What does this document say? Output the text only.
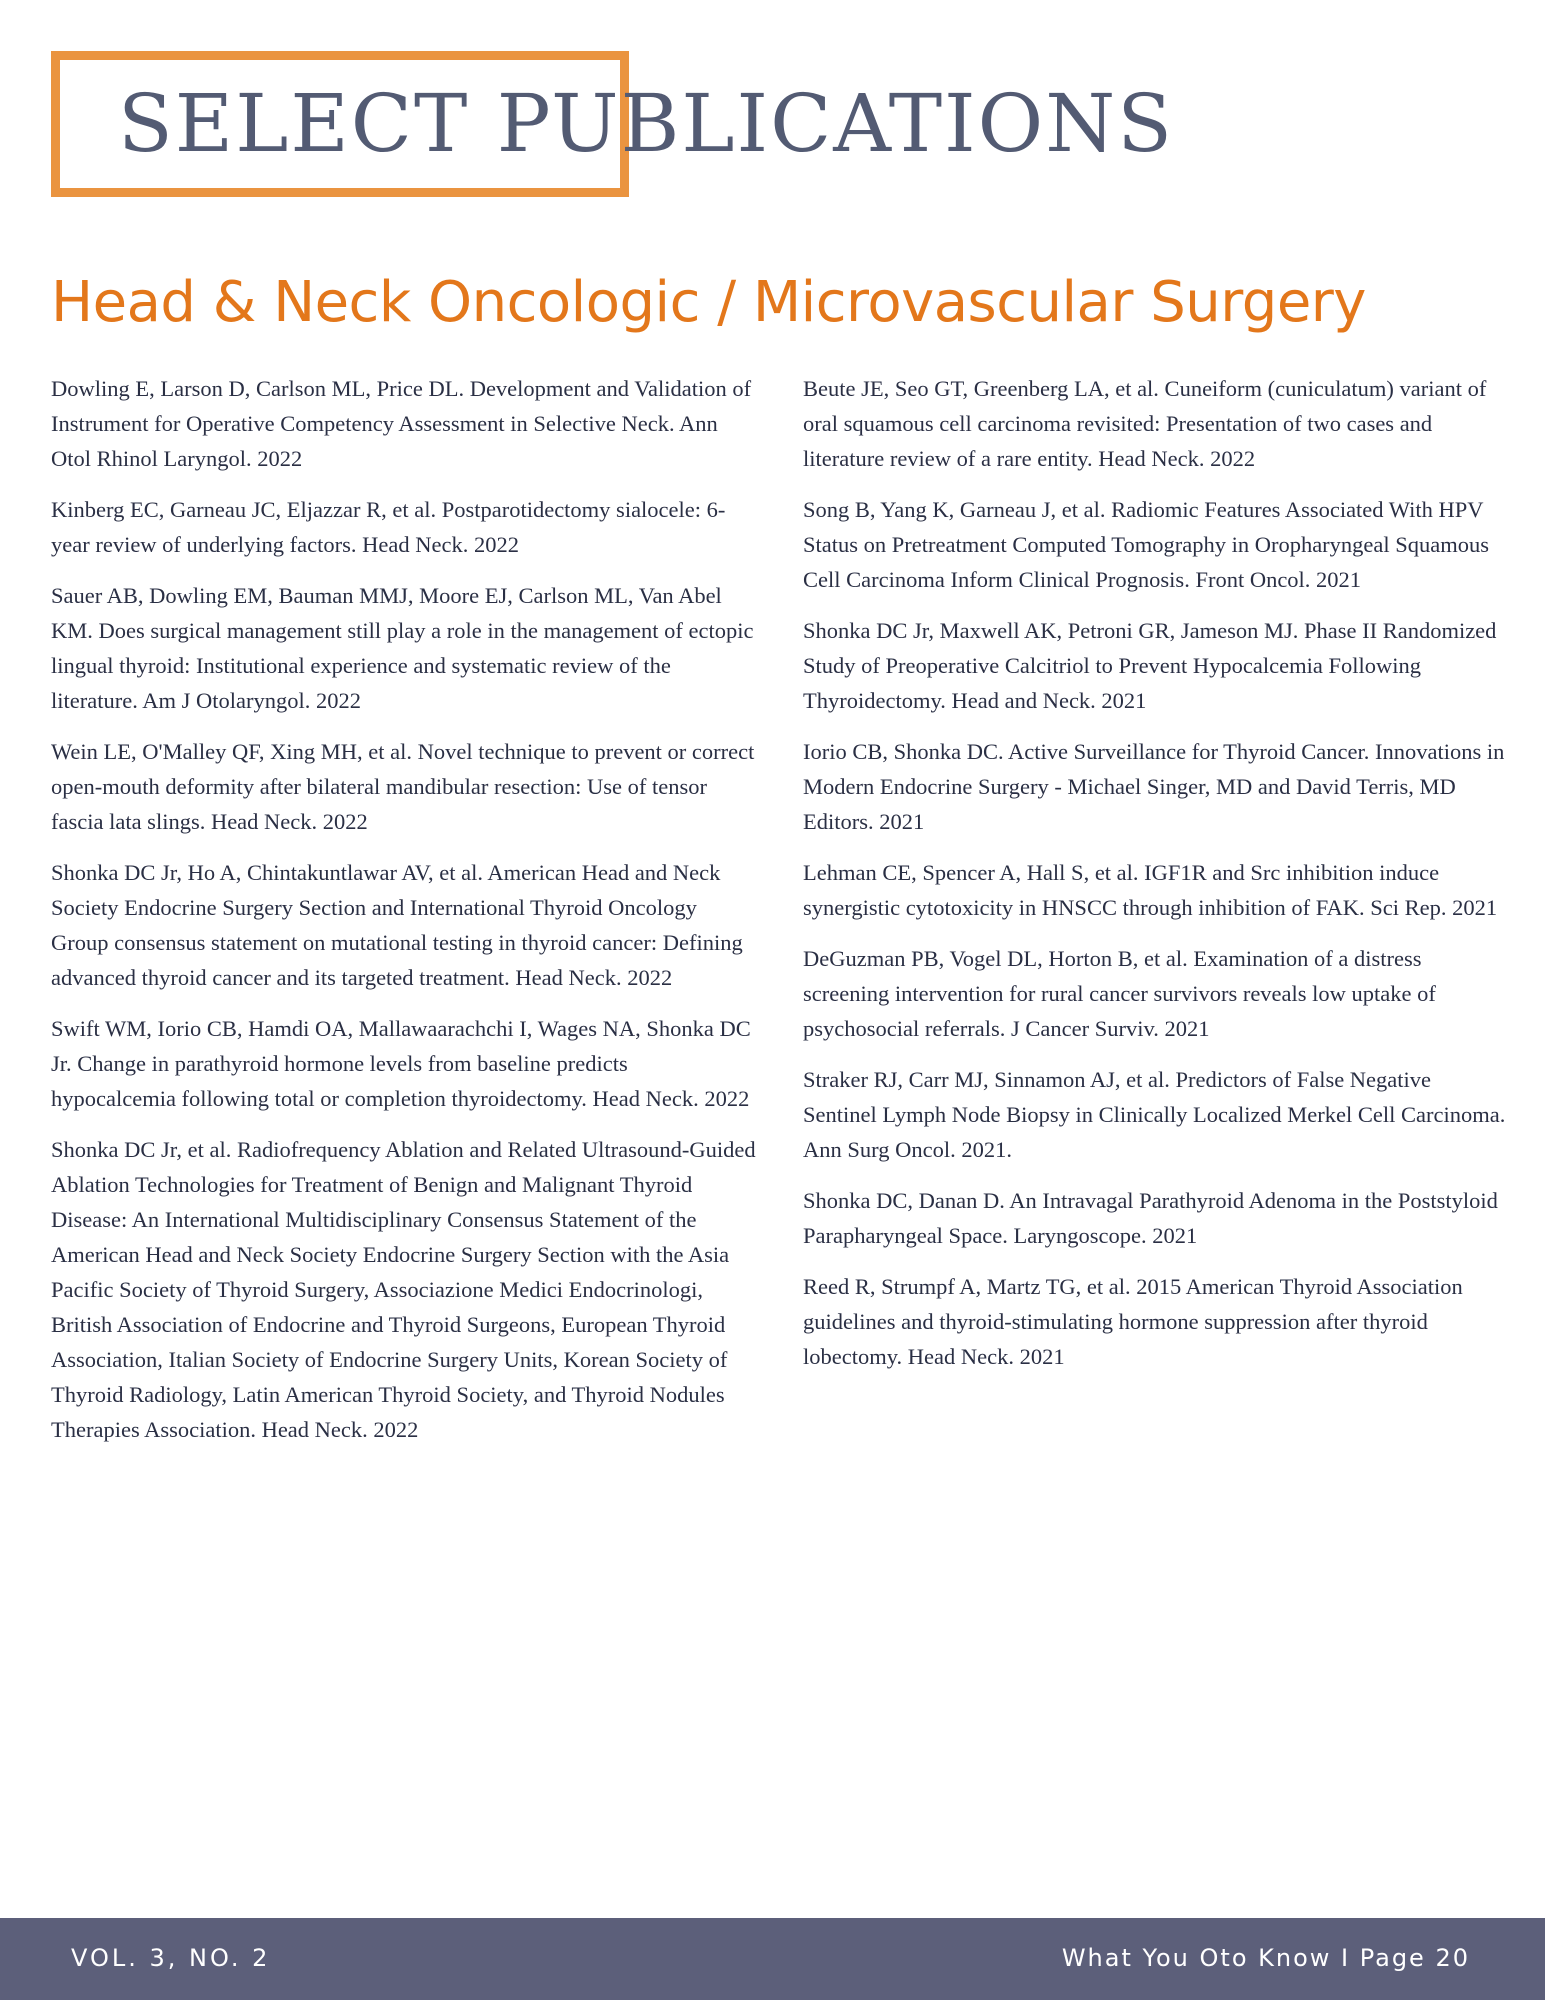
SELECT PUBLICATIONS
Head & Neck Oncologic / Microvascular Surgery

Dowling E, Larson D, Carlson ML, Price DL. Development and Validation of Instrument for Operative Competency Assessment in Selective Neck. Ann Otol Rhinol Laryngol. 2022

Kinberg EC, Garneau JC, Eljazzar R, et al. Postparotidectomy sialocele: 6-year review of underlying factors. Head Neck. 2022

Sauer AB, Dowling EM, Bauman MMJ, Moore EJ, Carlson ML, Van Abel KM. Does surgical management still play a role in the management of ectopic lingual thyroid: Institutional experience and systematic review of the literature. Am J Otolaryngol. 2022

Wein LE, O'Malley QF, Xing MH, et al. Novel technique to prevent or correct open-mouth deformity after bilateral mandibular resection: Use of tensor fascia lata slings. Head Neck. 2022

Shonka DC Jr, Ho A, Chintakuntlawar AV, et al. American Head and Neck Society Endocrine Surgery Section and International Thyroid Oncology Group consensus statement on mutational testing in thyroid cancer: Defining advanced thyroid cancer and its targeted treatment. Head Neck. 2022

Swift WM, Iorio CB, Hamdi OA, Mallawaarachchi I, Wages NA, Shonka DC Jr. Change in parathyroid hormone levels from baseline predicts hypocalcemia following total or completion thyroidectomy. Head Neck. 2022

Shonka DC Jr, et al. Radiofrequency Ablation and Related Ultrasound-Guided Ablation Technologies for Treatment of Benign and Malignant Thyroid Disease: An International Multidisciplinary Consensus Statement of the American Head and Neck Society Endocrine Surgery Section with the Asia Pacific Society of Thyroid Surgery, Associazione Medici Endocrinologi, British Association of Endocrine and Thyroid Surgeons, European Thyroid Association, Italian Society of Endocrine Surgery Units, Korean Society of Thyroid Radiology, Latin American Thyroid Society, and Thyroid Nodules Therapies Association. Head Neck. 2022

Beute JE, Seo GT, Greenberg LA, et al. Cuneiform (cuniculatum) variant of oral squamous cell carcinoma revisited: Presentation of two cases and literature review of a rare entity. Head Neck. 2022

Song B, Yang K, Garneau J, et al. Radiomic Features Associated With HPV Status on Pretreatment Computed Tomography in Oropharyngeal Squamous Cell Carcinoma Inform Clinical Prognosis. Front Oncol. 2021

Shonka DC Jr, Maxwell AK, Petroni GR, Jameson MJ. Phase II Randomized Study of Preoperative Calcitriol to Prevent Hypocalcemia Following Thyroidectomy. Head and Neck. 2021

Iorio CB, Shonka DC. Active Surveillance for Thyroid Cancer. Innovations in Modern Endocrine Surgery - Michael Singer, MD and David Terris, MD Editors. 2021

Lehman CE, Spencer A, Hall S, et al. IGF1R and Src inhibition induce synergistic cytotoxicity in HNSCC through inhibition of FAK. Sci Rep. 2021

DeGuzman PB, Vogel DL, Horton B, et al. Examination of a distress screening intervention for rural cancer survivors reveals low uptake of psychosocial referrals. J Cancer Surviv. 2021

Straker RJ, Carr MJ, Sinnamon AJ, et al. Predictors of False Negative Sentinel Lymph Node Biopsy in Clinically Localized Merkel Cell Carcinoma. Ann Surg Oncol. 2021.

Shonka DC, Danan D. An Intravagal Parathyroid Adenoma in the Poststyloid Parapharyngeal Space. Laryngoscope. 2021

Reed R, Strumpf A, Martz TG, et al. 2015 American Thyroid Association guidelines and thyroid-stimulating hormone suppression after thyroid lobectomy. Head Neck. 2021

VOL. 3, NO. 2	What You Oto Know I Page 20
